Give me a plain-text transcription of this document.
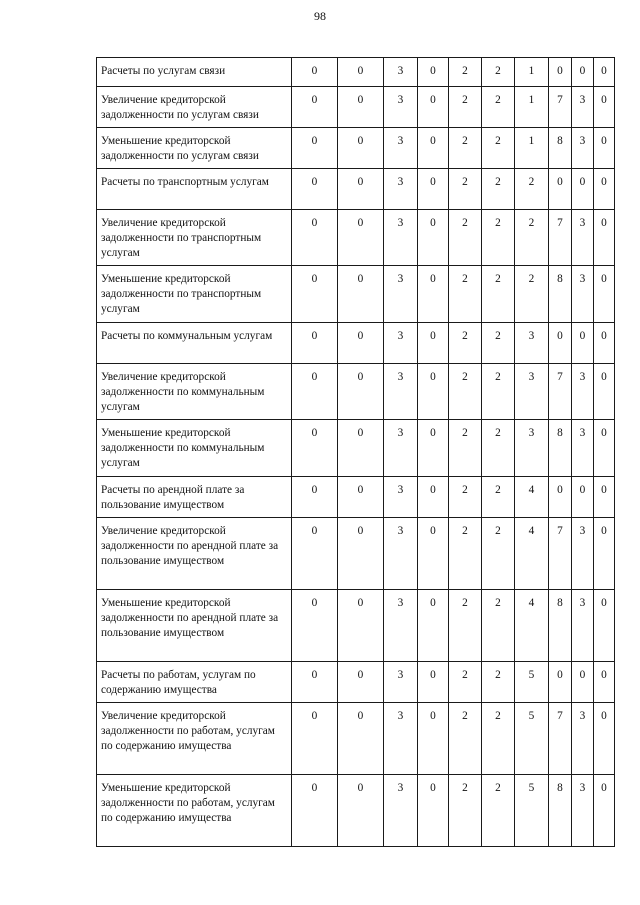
98
Расчеты по услугам связи	0	0	3	0	2	2	1	0	0	0
Увеличение кредиторской задолженности по услугам связи	0	0	3	0	2	2	1	7	3	0
Уменьшение кредиторской задолженности по услугам связи	0	0	3	0	2	2	1	8	3	0
Расчеты по транспортным услугам	0	0	3	0	2	2	2	0	0	0
Увеличение кредиторской задолженности по транспортным услугам	0	0	3	0	2	2	2	7	3	0
Уменьшение кредиторской задолженности по транспортным услугам	0	0	3	0	2	2	2	8	3	0
Расчеты по коммунальным услугам	0	0	3	0	2	2	3	0	0	0
Увеличение кредиторской задолженности по коммунальным услугам	0	0	3	0	2	2	3	7	3	0
Уменьшение кредиторской задолженности по коммунальным услугам	0	0	3	0	2	2	3	8	3	0
Расчеты по арендной плате за пользование имуществом	0	0	3	0	2	2	4	0	0	0
Увеличение кредиторской задолженности по арендной плате за пользование имуществом	0	0	3	0	2	2	4	7	3	0
Уменьшение кредиторской задолженности по арендной плате за пользование имуществом	0	0	3	0	2	2	4	8	3	0
Расчеты по работам, услугам по содержанию имущества	0	0	3	0	2	2	5	0	0	0
Увеличение кредиторской задолженности по работам, услугам по содержанию имущества	0	0	3	0	2	2	5	7	3	0
Уменьшение кредиторской задолженности по работам, услугам по содержанию имущества	0	0	3	0	2	2	5	8	3	0
